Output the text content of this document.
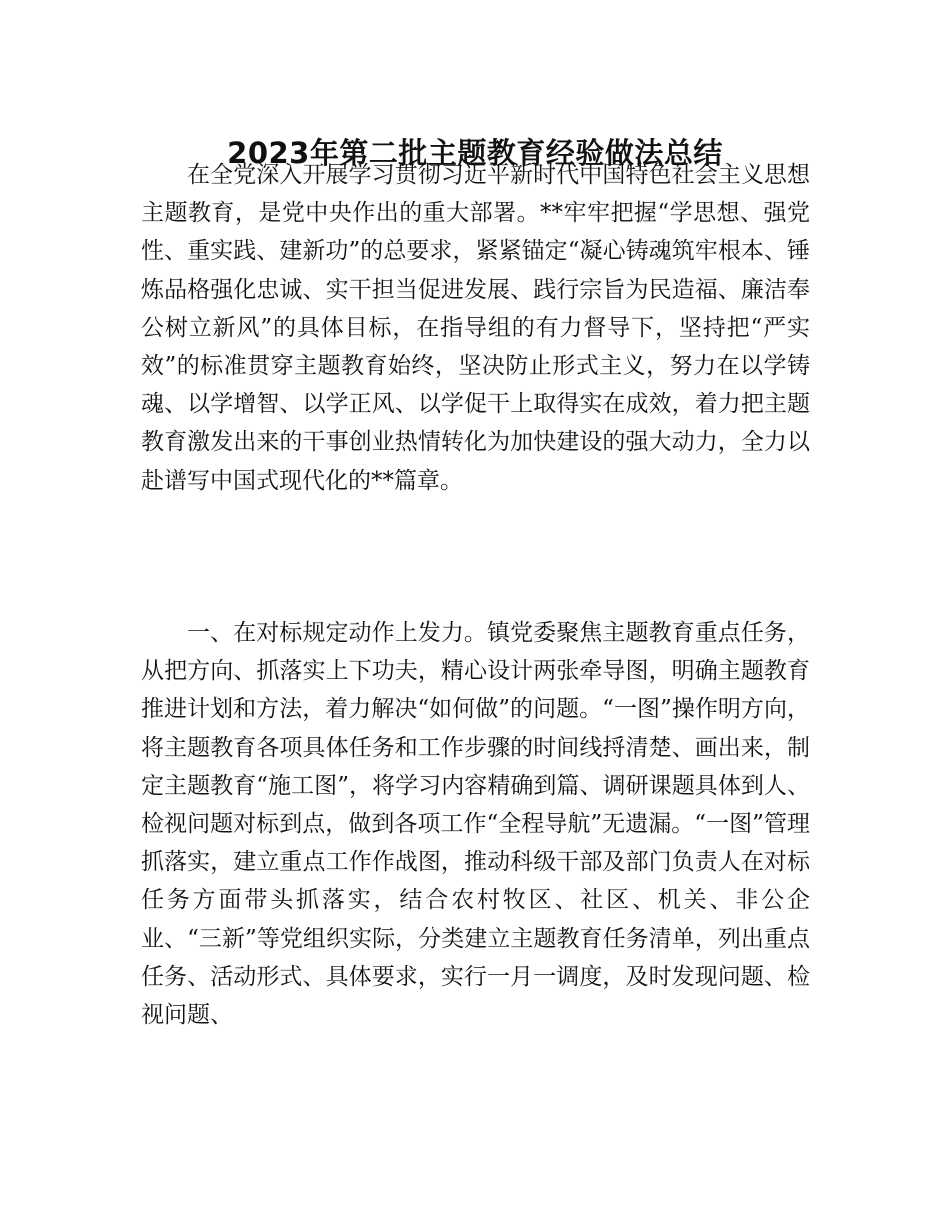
2023年第二批主题教育经验做法总结

在全党深入开展学习贯彻习近平新时代中国特色社会主义思想主题教育，是党中央作出的重大部署。**牢牢把握“学思想、强党性、重实践、建新功”的总要求，紧紧锚定“凝心铸魂筑牢根本、锤炼品格强化忠诚、实干担当促进发展、践行宗旨为民造福、廉洁奉公树立新风”的具体目标，在指导组的有力督导下，坚持把“严实效”的标准贯穿主题教育始终，坚决防止形式主义，努力在以学铸魂、以学增智、以学正风、以学促干上取得实在成效，着力把主题教育激发出来的干事创业热情转化为加快建设的强大动力，全力以赴谱写中国式现代化的**篇章。

一、在对标规定动作上发力。镇党委聚焦主题教育重点任务，从把方向、抓落实上下功夫，精心设计两张牵导图，明确主题教育推进计划和方法，着力解决“如何做”的问题。“一图”操作明方向，将主题教育各项具体任务和工作步骤的时间线捋清楚、画出来，制定主题教育“施工图”，将学习内容精确到篇、调研课题具体到人、检视问题对标到点，做到各项工作“全程导航”无遗漏。“一图”管理抓落实，建立重点工作作战图，推动科级干部及部门负责人在对标任务方面带头抓落实，结合农村牧区、社区、机关、非公企业、“三新”等党组织实际，分类建立主题教育任务清单，列出重点任务、活动形式、具体要求，实行一月一调度，及时发现问题、检视问题、
